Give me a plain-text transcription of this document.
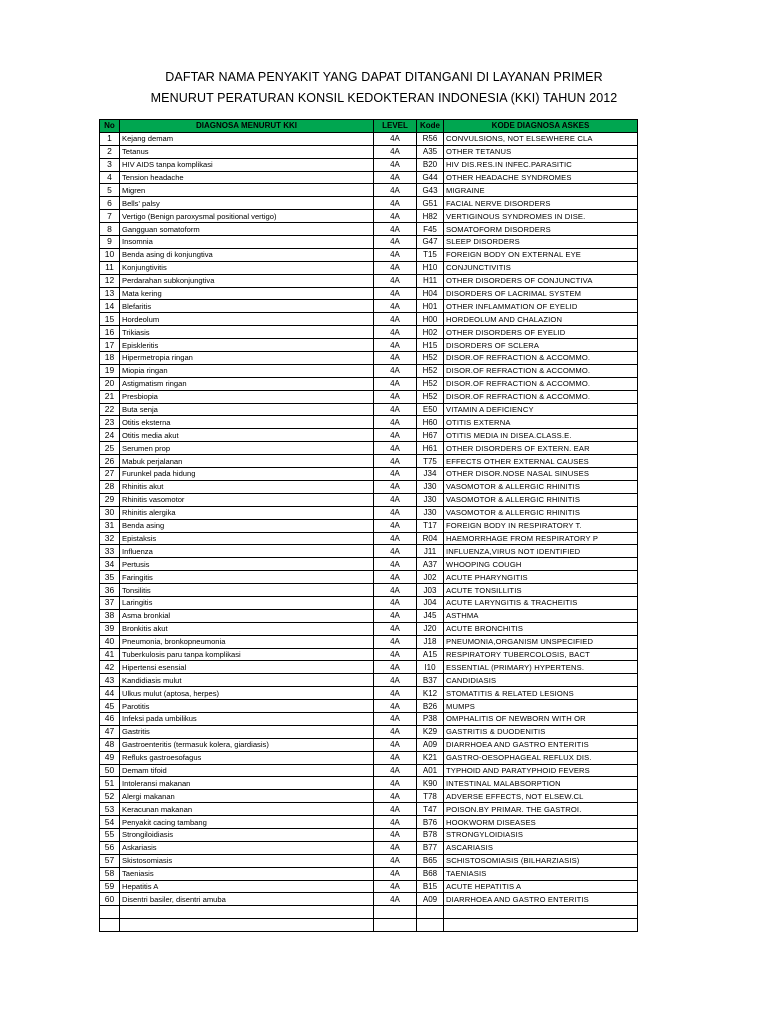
DAFTAR NAMA PENYAKIT YANG DAPAT DITANGANI DI LAYANAN PRIMER
MENURUT PERATURAN KONSIL KEDOKTERAN INDONESIA (KKI) TAHUN 2012
No	DIAGNOSA MENURUT KKI	LEVEL	Kode	KODE DIAGNOSA ASKES
1	Kejang demam	4A	R56	CONVULSIONS, NOT ELSEWHERE CLA
2	Tetanus	4A	A35	OTHER TETANUS
3	HIV AIDS tanpa komplikasi	4A	B20	HIV DIS.RES.IN INFEC.PARASITIC
4	Tension headache	4A	G44	OTHER HEADACHE SYNDROMES
5	Migren	4A	G43	MIGRAINE
6	Bells' palsy	4A	G51	FACIAL NERVE DISORDERS
7	Vertigo (Benign paroxysmal positional vertigo)	4A	H82	VERTIGINOUS SYNDROMES IN DISE.
8	Gangguan somatoform	4A	F45	SOMATOFORM DISORDERS
9	Insomnia	4A	G47	SLEEP DISORDERS
10	Benda asing di konjungtiva	4A	T15	FOREIGN BODY ON EXTERNAL EYE
11	Konjungtivitis	4A	H10	CONJUNCTIVITIS
12	Perdarahan subkonjungtiva	4A	H11	OTHER DISORDERS OF CONJUNCTIVA
13	Mata kering	4A	H04	DISORDERS OF LACRIMAL SYSTEM
14	Blefaritis	4A	H01	OTHER INFLAMMATION OF EYELID
15	Hordeolum	4A	H00	HORDEOLUM AND CHALAZION
16	Trikiasis	4A	H02	OTHER DISORDERS OF EYELID
17	Episkleritis	4A	H15	DISORDERS OF SCLERA
18	Hipermetropia ringan	4A	H52	DISOR.OF REFRACTION & ACCOMMO.
19	Miopia ringan	4A	H52	DISOR.OF REFRACTION & ACCOMMO.
20	Astigmatism ringan	4A	H52	DISOR.OF REFRACTION & ACCOMMO.
21	Presbiopia	4A	H52	DISOR.OF REFRACTION & ACCOMMO.
22	Buta senja	4A	E50	VITAMIN A DEFICIENCY
23	Otitis eksterna	4A	H60	OTITIS EXTERNA
24	Otitis media akut	4A	H67	OTITIS MEDIA IN DISEA.CLASS.E.
25	Serumen prop	4A	H61	OTHER DISORDERS OF EXTERN. EAR
26	Mabuk perjalanan	4A	T75	EFFECTS OTHER EXTERNAL CAUSES
27	Furunkel pada hidung	4A	J34	OTHER DISOR.NOSE NASAL SINUSES
28	Rhinitis akut	4A	J30	VASOMOTOR & ALLERGIC RHINITIS
29	Rhinitis vasomotor	4A	J30	VASOMOTOR & ALLERGIC RHINITIS
30	Rhinitis alergika	4A	J30	VASOMOTOR & ALLERGIC RHINITIS
31	Benda asing	4A	T17	FOREIGN BODY IN RESPIRATORY T.
32	Epistaksis	4A	R04	HAEMORRHAGE FROM RESPIRATORY P
33	Influenza	4A	J11	INFLUENZA,VIRUS NOT IDENTIFIED
34	Pertusis	4A	A37	WHOOPING COUGH
35	Faringitis	4A	J02	ACUTE PHARYNGITIS
36	Tonsilitis	4A	J03	ACUTE TONSILLITIS
37	Laringitis	4A	J04	ACUTE LARYNGITIS & TRACHEITIS
38	Asma bronkial	4A	J45	ASTHMA
39	Bronkitis akut	4A	J20	ACUTE BRONCHITIS
40	Pneumonia, bronkopneumonia	4A	J18	PNEUMONIA,ORGANISM UNSPECIFIED
41	Tuberkulosis paru tanpa komplikasi	4A	A15	RESPIRATORY TUBERCOLOSIS, BACT
42	Hipertensi esensial	4A	I10	ESSENTIAL (PRIMARY) HYPERTENS.
43	Kandidiasis mulut	4A	B37	CANDIDIASIS
44	Ulkus mulut (aptosa, herpes)	4A	K12	STOMATITIS & RELATED LESIONS
45	Parotitis	4A	B26	MUMPS
46	Infeksi pada umbilikus	4A	P38	OMPHALITIS OF NEWBORN WITH OR
47	Gastritis	4A	K29	GASTRITIS & DUODENITIS
48	Gastroenteritis (termasuk kolera, giardiasis)	4A	A09	DIARRHOEA AND GASTRO ENTERITIS
49	Refluks gastroesofagus	4A	K21	GASTRO-OESOPHAGEAL REFLUX DIS.
50	Demam tifoid	4A	A01	TYPHOID AND PARATYPHOID FEVERS
51	Intoleransi makanan	4A	K90	INTESTINAL MALABSORPTION
52	Alergi makanan	4A	T78	ADVERSE EFFECTS, NOT ELSEW.CL
53	Keracunan makanan	4A	T47	POISON.BY PRIMAR. THE GASTROI.
54	Penyakit cacing tambang	4A	B76	HOOKWORM DISEASES
55	Strongiloidiasis	4A	B78	STRONGYLOIDIASIS
56	Askariasis	4A	B77	ASCARIASIS
57	Skistosomiasis	4A	B65	SCHISTOSOMIASIS (BILHARZIASIS)
58	Taeniasis	4A	B68	TAENIASIS
59	Hepatitis A	4A	B15	ACUTE HEPATITIS A
60	Disentri basiler, disentri amuba	4A	A09	DIARRHOEA AND GASTRO ENTERITIS
